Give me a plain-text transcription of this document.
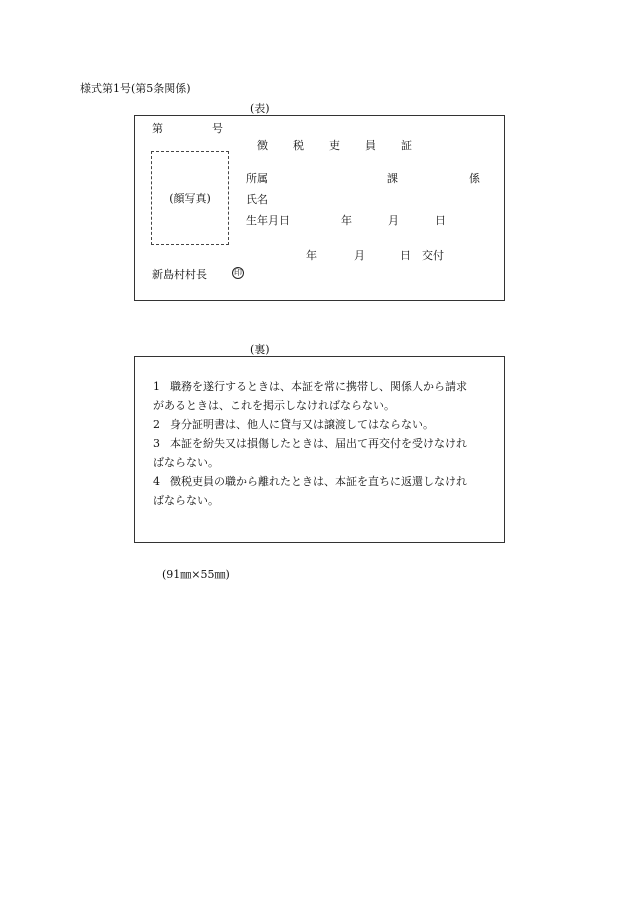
様式第1号(第5条関係)
(表)
第	号
徴 税 吏 員 証
(顔写真)
所属	課	係
氏名
生年月日	年	月	日
年	月	日 交付
新島村村長	印
(裏)
1 職務を遂行するときは、本証を常に携帯し、関係人から請求
があるときは、これを掲示しなければならない。
2 身分証明書は、他人に貸与又は譲渡してはならない。
3 本証を紛失又は損傷したときは、届出て再交付を受けなけれ
ばならない。
4 徴税吏員の職から離れたときは、本証を直ちに返還しなけれ
ばならない。
(91㎜×55㎜)
